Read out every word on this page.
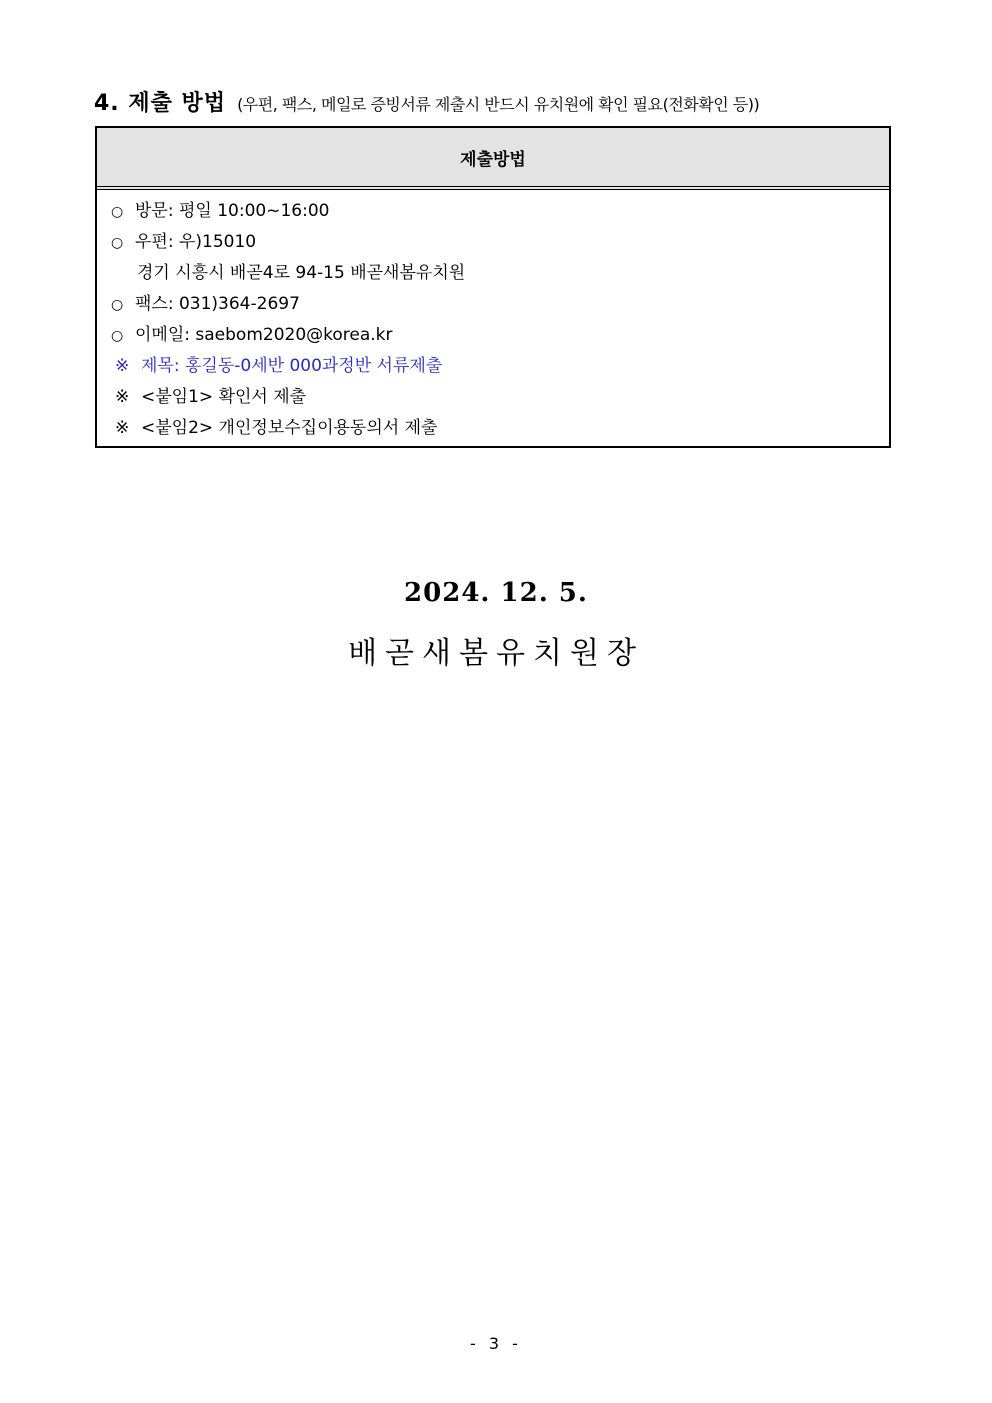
4. 제출 방법 (우편, 팩스, 메일로 증빙서류 제출시 반드시 유치원에 확인 필요(전화확인 등))
제출방법
○ 방문: 평일 10:00~16:00
○ 우편: 우)15010
경기 시흥시 배곧4로 94-15 배곧새봄유치원
○ 팩스: 031)364-2697
○ 이메일: saebom2020@korea.kr
※ 제목: 홍길동-0세반 000과정반 서류제출
※ <붙임1> 확인서 제출
※ <붙임2> 개인정보수집이용동의서 제출
2024. 12. 5.
배곧새봄유치원장
- 3 -
